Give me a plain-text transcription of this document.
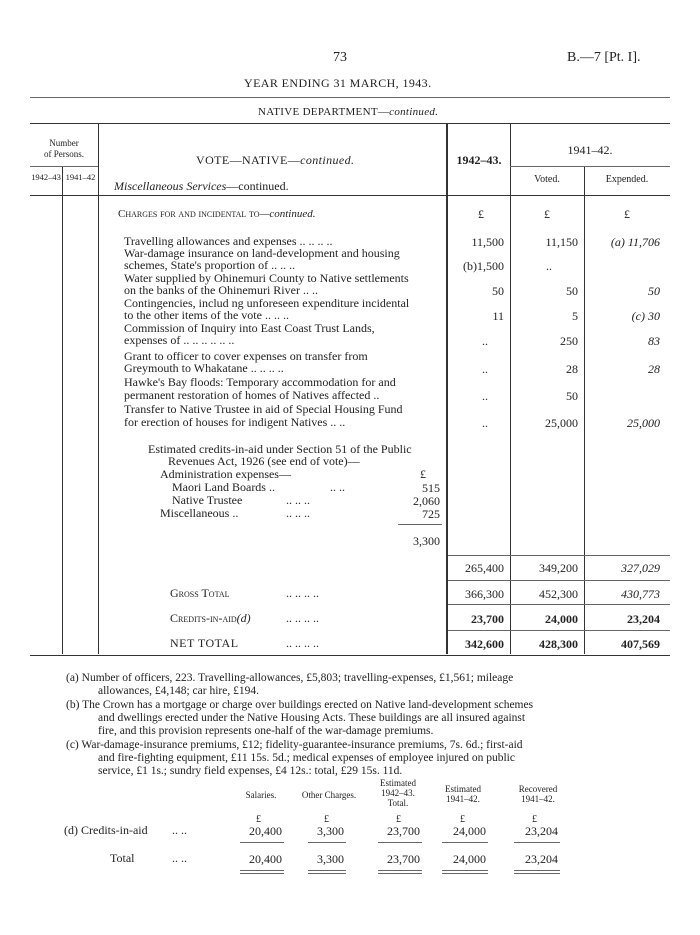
73	B.—7 [Pt. I].
YEAR ENDING 31 MARCH, 1943.
NATIVE DEPARTMENT—continued.
Number
of Persons.
1942–43 1941–42
VOTE—NATIVE—continued.	1942–43.
1941–42.
Voted.	Expended.
Miscellaneous Services—continued.
Charges for and incidental to—continued.	£	£	£
Travelling allowances and expenses .. .. .. ..	11,500	11,150	(a) 11,706
War-damage insurance on land-development and housing
schemes, State's proportion of .. .. ..	(b)1,500	..
Water supplied by Ohinemuri County to Native settlements
on the banks of the Ohinemuri River .. ..	50	50	50
Contingencies, includ ng unforeseen expenditure incidental
to the other items of the vote .. .. ..	11	5	(c) 30
Commission of Inquiry into East Coast Trust Lands,
expenses of .. .. .. .. .. ..	..	250	83
Grant to officer to cover expenses on transfer from
Greymouth to Whakatane .. .. .. ..	..	28	28
Hawke's Bay floods: Temporary accommodation for and
permanent restoration of homes of Natives affected ..	..	50
Transfer to Native Trustee in aid of Special Housing Fund
for erection of houses for indigent Natives .. ..	..	25,000	25,000
Estimated credits-in-aid under Section 51 of the Public
Revenues Act, 1926 (see end of vote)—
Administration expenses—	£
Maori Land Boards ..	.. ..	515
Native Trustee	.. .. ..	2,060
Miscellaneous ..	.. .. ..	725
3,300
265,400	349,200	327,029
Gross Total	.. .. .. ..	366,300	452,300	430,773
Credits-in-aid(d)	.. .. .. ..	23,700	24,000	23,204
NET TOTAL	.. .. .. ..	342,600	428,300	407,569
(a) Number of officers, 223. Travelling-allowances, £5,803; travelling-expenses, £1,561; mileage
allowances, £4,148; car hire, £194.
(b) The Crown has a mortgage or charge over buildings erected on Native land-development schemes
and dwellings erected under the Native Housing Acts. These buildings are all insured against
fire, and this provision represents one-half of the war-damage premiums.
(c) War-damage-insurance premiums, £12; fidelity-guarantee-insurance premiums, 7s. 6d.; first-aid
and fire-fighting equipment, £11 15s. 5d.; medical expenses of employee injured on public
service, £1 1s.; sundry field expenses, £4 12s.: total, £29 15s. 11d.
Salaries.	Other Charges.
Estimated
1942–43.
Total.
Estimated
1941–42.
Recovered
1941–42.
£	£	£	£	£
(d) Credits-in-aid .. ..	20,400	3,300	23,700	24,000	23,204
Total	.. ..	20,400	3,300	23,700	24,000	23,204
